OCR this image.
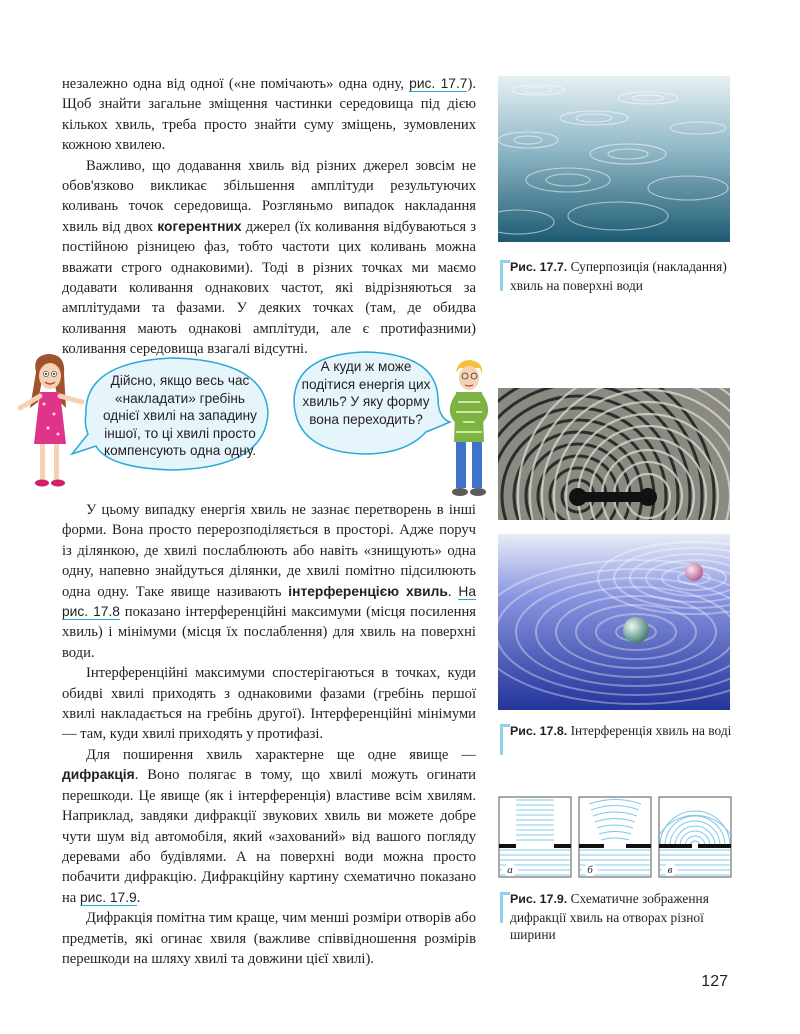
незалежно одна від одної («не помічають» одна одну, рис. 17.7). Щоб знайти загальне зміщення частинки середовища під дією кількох хвиль, треба просто знайти суму зміщень, зумовлених кожною хвилею.

Важливо, що додавання хвиль від різних джерел зовсім не обов'язково викликає збільшення амплітуди результуючих коливань точок середовища. Розгляньмо випадок накладання хвиль від двох когерентних джерел (їх коливання відбуваються з постійною різницею фаз, тобто частоти цих коливань можна вважати строго однаковими). Тоді в різних точках ми маємо додавати коливання однакових частот, які відрізняються за амплітудами та фазами. У деяких точках (там, де обидва коливання мають однакові амплітуди, але є протифазними) коливання середовища взагалі відсутні.

Дійсно, якщо весь час «накладати» гребінь однієї хвилі на западину іншої, то ці хвилі просто компенсують одна одну.
А куди ж може подітися енергія цих хвиль? У яку форму вона переходить?

У цьому випадку енергія хвиль не зазнає перетворень в інші форми. Вона просто перерозподіляється в просторі. Адже поруч із ділянкою, де хвилі послаблюють або навіть «знищують» одна одну, напевно знайдуться ділянки, де хвилі помітно підсилюють одна одну. Таке явище називають інтерференцією хвиль. На рис. 17.8 показано інтерференційні максимуми (місця посилення хвиль) і мінімуми (місця їх послаблення) для хвиль на поверхні води.

Інтерференційні максимуми спостерігаються в точках, куди обидві хвилі приходять з однаковими фазами (гребінь першої хвилі накладається на гребінь другої). Інтерференційні мінімуми — там, куди хвилі приходять у протифазі.

Для поширення хвиль характерне ще одне явище — дифракція. Воно полягає в тому, що хвилі можуть огинати перешкоди. Це явище (як і інтерференція) властиве всім хвилям. Наприклад, завдяки дифракції звукових хвиль ви можете добре чути шум від автомобіля, який «захований» від вашого погляду деревами або будівлями. А на поверхні води можна просто побачити дифракцію. Дифракційну картину схематично показано на рис. 17.9.

Дифракція помітна тим краще, чим менші розміри отворів або предметів, які огинає хвиля (важливе співвідношення розмірів перешкоди на шляху хвилі та довжини цієї хвилі).

Рис. 17.7. Суперпозиція (накладання) хвиль на поверхні води
Рис. 17.8. Інтерференція хвиль на воді
а	б	в
Рис. 17.9. Схематичне зображення дифракції хвиль на отворах різної ширини
127
